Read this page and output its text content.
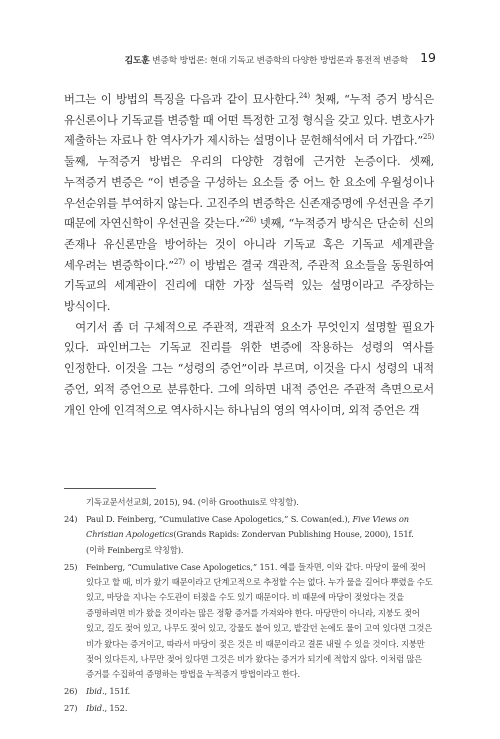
김도훈 변증학 방법론: 현대 기독교 변증학의 다양한 방법론과 통전적 변증학 19

버그는 이 방법의 특징을 다음과 같이 묘사한다.$^{24)}$ 첫째, “누적 증거 방식은 유신론이나 기독교를 변증할 때 어떤 특정한 고정 형식을 갖고 있다. 변호사가 제출하는 자료나 한 역사가가 제시하는 설명이나 문헌해석에서 더 가깝다.”$^{25)}$ 둘째, 누적증거 방법은 우리의 다양한 경험에 근거한 논증이다. 셋째, 누적증거 변증은 “이 변증을 구성하는 요소들 중 어느 한 요소에 우월성이나 우선순위를 부여하지 않는다. 고진주의 변증학은 신존재증명에 우선권을 주기 때문에 자연신학이 우선권을 갖는다.”$^{26)}$ 넷째, “누적증거 방식은 단순히 신의 존재나 유신론만을 방어하는 것이 아니라 기독교 혹은 기독교 세계관을 세우려는 변증학이다.”$^{27)}$ 이 방법은 결국 객관적, 주관적 요소들을 동원하여 기독교의 세계관이 진리에 대한 가장 설득력 있는 설명이라고 주장하는 방식이다.

여기서 좀 더 구체적으로 주관적, 객관적 요소가 무엇인지 설명할 필요가 있다. 파인버그는 기독교 진리를 위한 변증에 작용하는 성령의 역사를 인정한다. 이것을 그는 “성령의 증언”이라 부르며, 이것을 다시 성령의 내적 증언, 외적 증언으로 분류한다. 그에 의하면 내적 증언은 주관적 측면으로서 개인 안에 인격적으로 역사하시는 하나님의 영의 역사이며, 외적 증언은 객

기독교문서선교회, 2015), 94. (이하 Groothuis로 약칭함).

24) Paul D. Feinberg, “Cumulative Case Apologetics,” S. Cowan(ed.), Five Views on Christian Apologetics(Grands Rapids: Zondervan Publishing House, 2000), 151f. (이하 Feinberg로 약칭함).

25) Feinberg, “Cumulative Case Apologetics,” 151. 예를 들자면, 이와 같다. 마당이 물에 젖어 있다고 할 때, 비가 왔기 때문이라고 단계고적으로 추정할 수는 없다. 누가 물을 길어다 뿌렸을 수도 있고, 마당을 지나는 수도관이 터졌을 수도 있기 때문이다. 비 때문에 마당이 젖었다는 것을 증명하려면 비가 왔을 것이라는 많은 정황 증거를 가져와야 한다. 마당만이 아니라, 지붕도 젖어 있고, 길도 젖어 있고, 나무도 젖어 있고, 강물도 불어 있고, 밭갈던 논에도 물이 고여 있다면 그것은 비가 왔다는 증거이고, 따라서 마당이 젖은 것은 비 때문이라고 결론 내릴 수 있을 것이다. 지붕만 젖어 있다든지, 나무만 젖어 있다면 그것은 비가 왔다는 증거가 되기에 적합지 않다. 이처럼 많은 증거를 수집하여 증명하는 방법을 누적증거 방법이라고 한다.

26) Ibid., 151f.

27) Ibid., 152.
